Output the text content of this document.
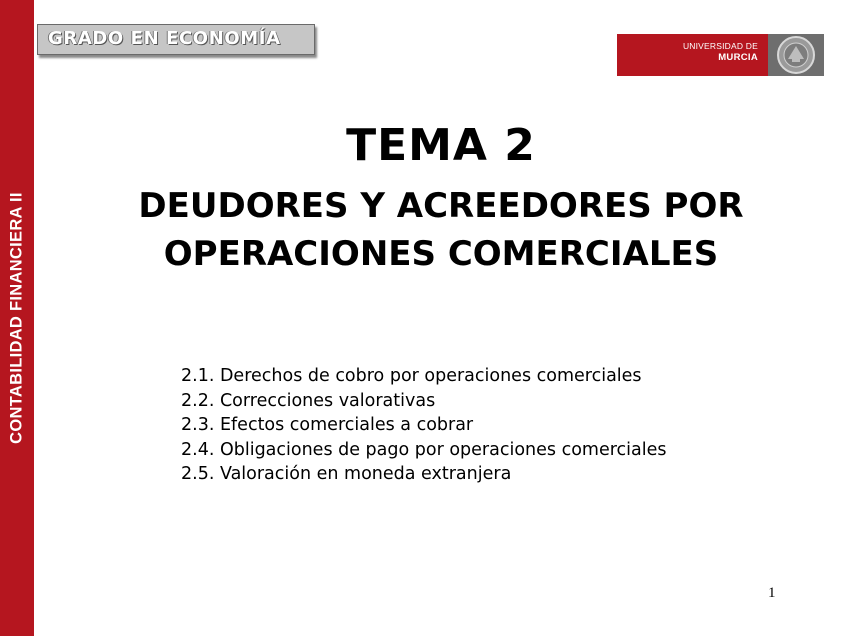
CONTABILIDAD FINANCIERA II
GRADO EN ECONOMÍA	UNIVERSIDAD DE
MURCIA
TEMA 2
DEUDORES Y ACREEDORES POR
OPERACIONES COMERCIALES
2.1. Derechos de cobro por operaciones comerciales
2.2. Correcciones valorativas
2.3. Efectos comerciales a cobrar
2.4. Obligaciones de pago por operaciones comerciales
2.5. Valoración en moneda extranjera
1
